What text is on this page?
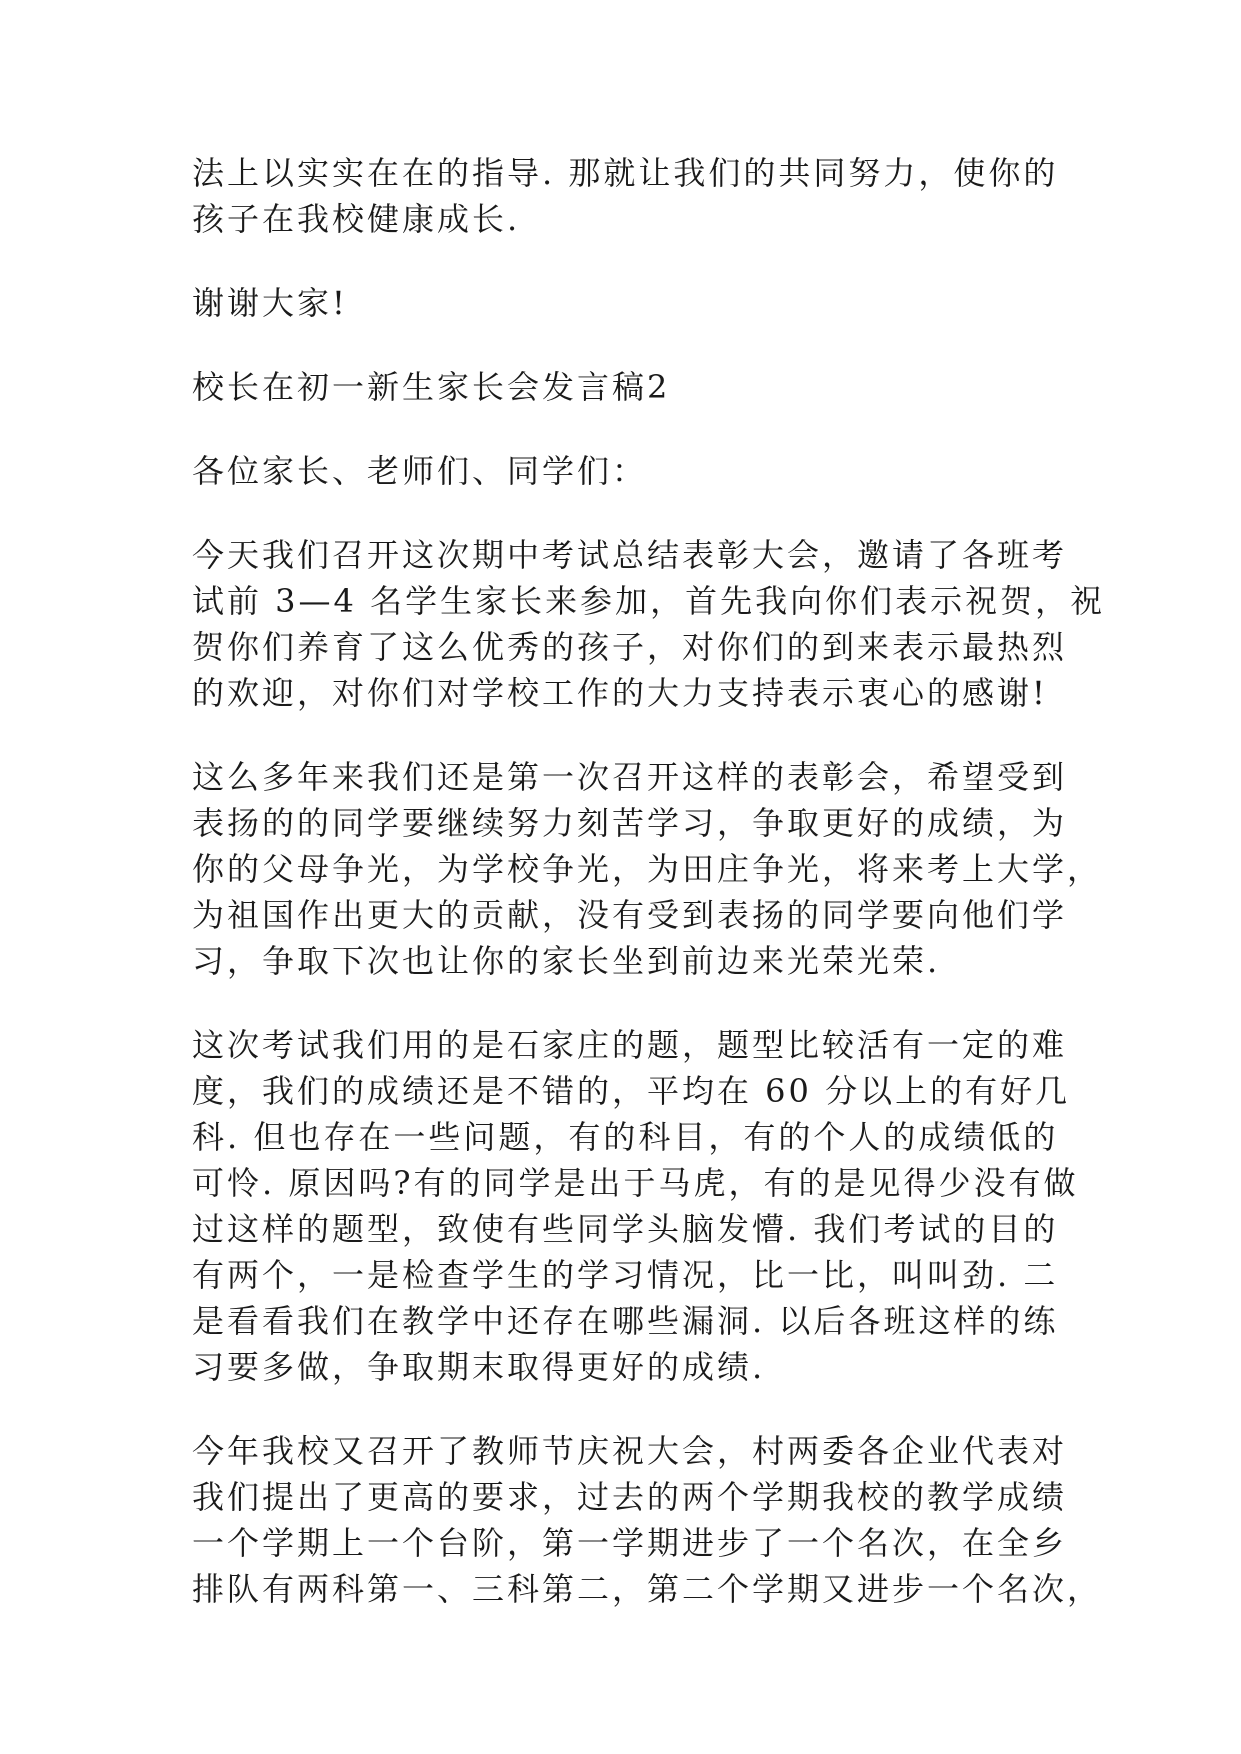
法上以实实在在的指导. 那就让我们的共同努力，使你的
孩子在我校健康成长.

谢谢大家!

校长在初一新生家长会发言稿2

各位家长、老师们、同学们：

今天我们召开这次期中考试总结表彰大会，邀请了各班考
试前 3—4 名学生家长来参加，首先我向你们表示祝贺，祝
贺你们养育了这么优秀的孩子，对你们的到来表示最热烈
的欢迎，对你们对学校工作的大力支持表示衷心的感谢!

这么多年来我们还是第一次召开这样的表彰会，希望受到
表扬的的同学要继续努力刻苦学习，争取更好的成绩，为
你的父母争光，为学校争光，为田庄争光，将来考上大学，
为祖国作出更大的贡献，没有受到表扬的同学要向他们学
习，争取下次也让你的家长坐到前边来光荣光荣.

这次考试我们用的是石家庄的题，题型比较活有一定的难
度，我们的成绩还是不错的，平均在 60 分以上的有好几
科. 但也存在一些问题，有的科目，有的个人的成绩低的
可怜. 原因吗?有的同学是出于马虎，有的是见得少没有做
过这样的题型，致使有些同学头脑发懵. 我们考试的目的
有两个，一是检查学生的学习情况，比一比，叫叫劲. 二
是看看我们在教学中还存在哪些漏洞. 以后各班这样的练
习要多做，争取期末取得更好的成绩.

今年我校又召开了教师节庆祝大会，村两委各企业代表对
我们提出了更高的要求，过去的两个学期我校的教学成绩
一个学期上一个台阶，第一学期进步了一个名次，在全乡
排队有两科第一、三科第二，第二个学期又进步一个名次，
